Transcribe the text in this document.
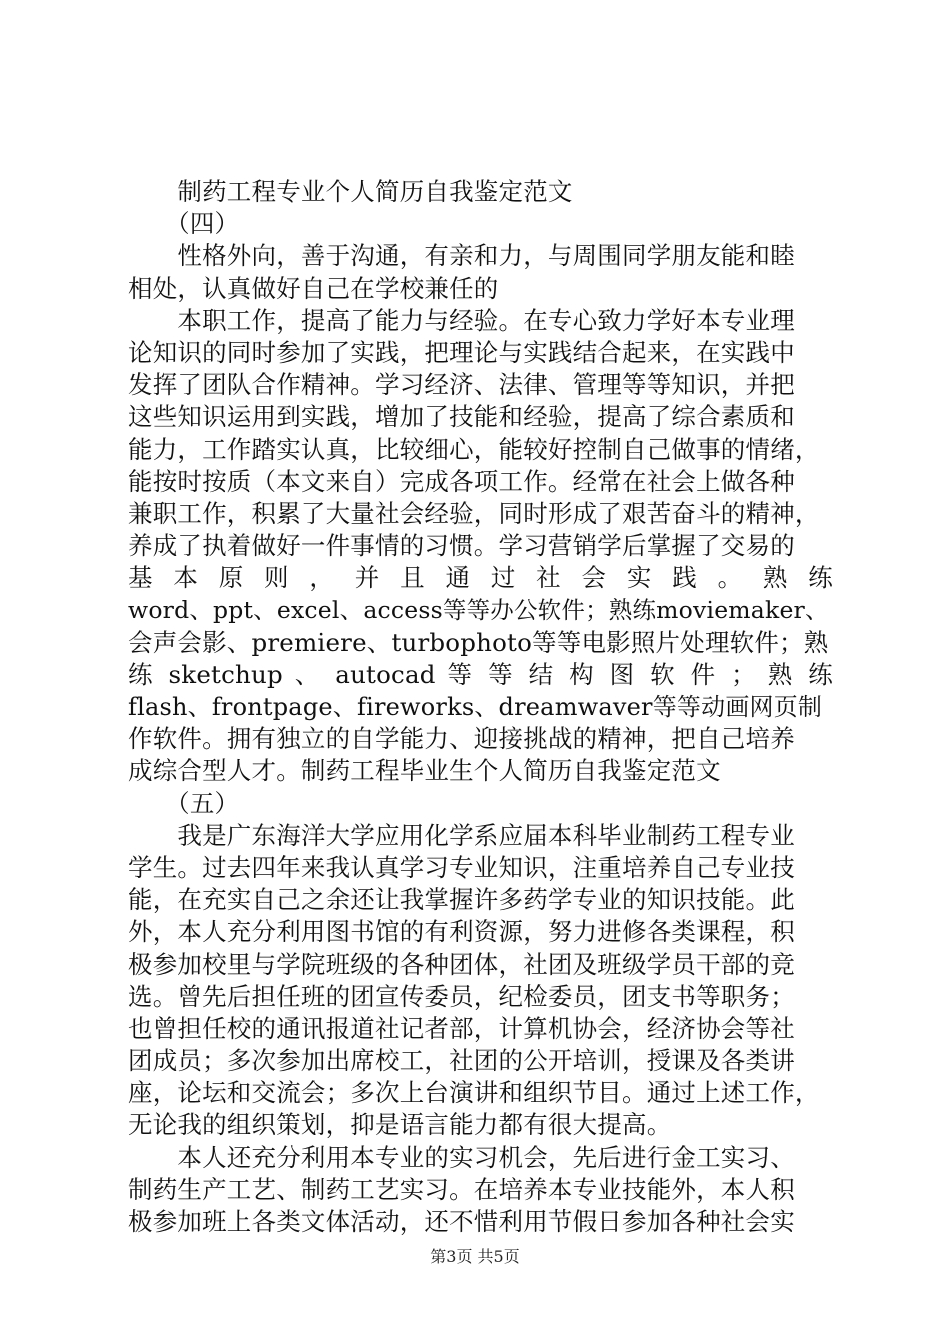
　　制药工程专业个人简历自我鉴定范文
　　（四）
　　性格外向，善于沟通，有亲和力，与周围同学朋友能和睦
相处，认真做好自己在学校兼任的
　　本职工作，提高了能力与经验。在专心致力学好本专业理
论知识的同时参加了实践，把理论与实践结合起来，在实践中
发挥了团队合作精神。学习经济、法律、管理等等知识，并把
这些知识运用到实践，增加了技能和经验，提高了综合素质和
能力，工作踏实认真，比较细心，能较好控制自己做事的情绪，
能按时按质（本文来自）完成各项工作。经常在社会上做各种
兼职工作，积累了大量社会经验，同时形成了艰苦奋斗的精神，
养成了执着做好一件事情的习惯。学习营销学后掌握了交易的
基 本 原 则 ， 并 且 通 过 社 会 实 践 。 熟 练
word、ppt、excel、access等等办公软件；熟练moviemaker、
会声会影、premiere、turbophoto等等电影照片处理软件；熟
练 sketchup 、 autocad 等 等 结 构 图 软 件 ； 熟 练
flash、frontpage、fireworks、dreamwaver等等动画网页制
作软件。拥有独立的自学能力、迎接挑战的精神，把自己培养
成综合型人才。制药工程毕业生个人简历自我鉴定范文
　　（五）
　　我是广东海洋大学应用化学系应届本科毕业制药工程专业
学生。过去四年来我认真学习专业知识，注重培养自己专业技
能，在充实自己之余还让我掌握许多药学专业的知识技能。此
外，本人充分利用图书馆的有利资源，努力进修各类课程，积
极参加校里与学院班级的各种团体，社团及班级学员干部的竞
选。曾先后担任班的团宣传委员，纪检委员，团支书等职务；
也曾担任校的通讯报道社记者部，计算机协会，经济协会等社
团成员；多次参加出席校工，社团的公开培训，授课及各类讲
座，论坛和交流会；多次上台演讲和组织节目。通过上述工作，
无论我的组织策划，抑是语言能力都有很大提高。
　　本人还充分利用本专业的实习机会，先后进行金工实习、
制药生产工艺、制药工艺实习。在培养本专业技能外，本人积
极参加班上各类文体活动，还不惜利用节假日参加各种社会实
第3页 共5页
